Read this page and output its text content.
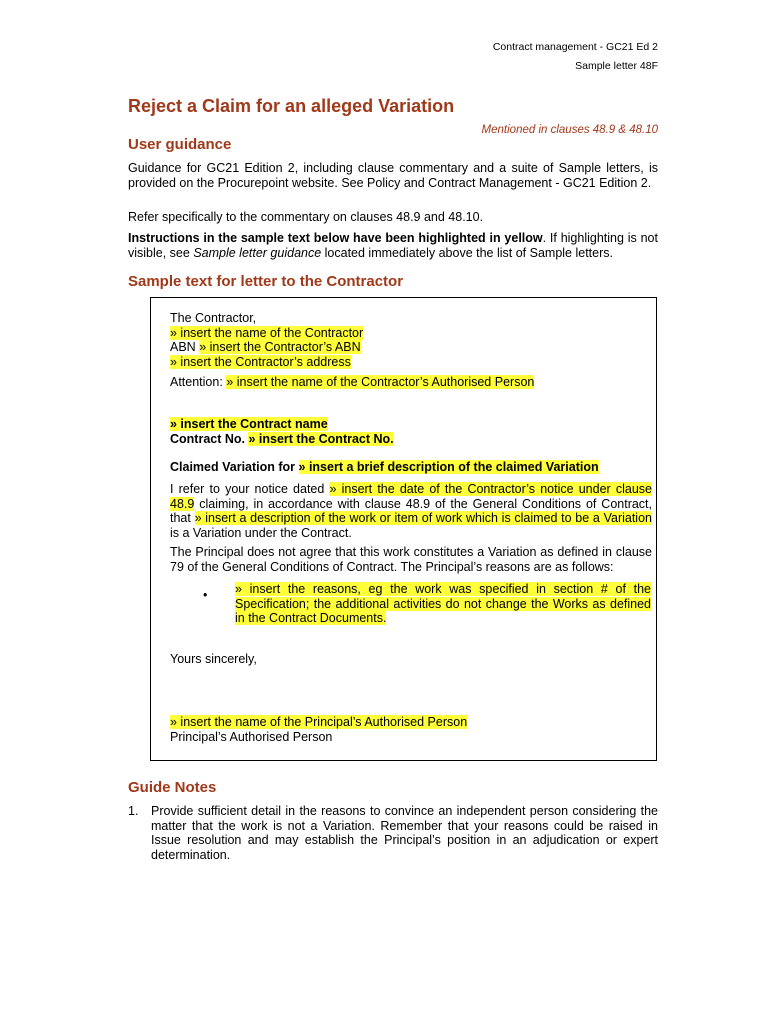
Contract management - GC21 Ed 2
Sample letter 48F
Reject a Claim for an alleged Variation
Mentioned in clauses 48.9 & 48.10
User guidance

Guidance for GC21 Edition 2, including clause commentary and a suite of Sample letters, is provided on the Procurepoint website. See Policy and Contract Management - GC21 Edition 2.

Refer specifically to the commentary on clauses 48.9 and 48.10.

Instructions in the sample text below have been highlighted in yellow. If highlighting is not visible, see Sample letter guidance located immediately above the list of Sample letters.

Sample text for letter to the Contractor
The Contractor,
» insert the name of the Contractor
ABN » insert the Contractor’s ABN
» insert the Contractor’s address
Attention: » insert the name of the Contractor’s Authorised Person
» insert the Contract name
Contract No. » insert the Contract No.
Claimed Variation for » insert a brief description of the claimed Variation

I refer to your notice dated » insert the date of the Contractor’s notice under clause 48.9 claiming, in accordance with clause 48.9 of the General Conditions of Contract, that » insert a description of the work or item of work which is claimed to be a Variation is a Variation under the Contract.

The Principal does not agree that this work constitutes a Variation as defined in clause 79 of the General Conditions of Contract. The Principal’s reasons are as follows:

• » insert the reasons, eg the work was specified in section # of the Specification; the additional activities do not change the Works as defined in the Contract Documents.

Yours sincerely,
» insert the name of the Principal’s Authorised Person
Principal’s Authorised Person
Guide Notes
1. Provide sufficient detail in the reasons to convince an independent person considering the matter that the work is not a Variation. Remember that your reasons could be raised in Issue resolution and may establish the Principal’s position in an adjudication or expert determination.
